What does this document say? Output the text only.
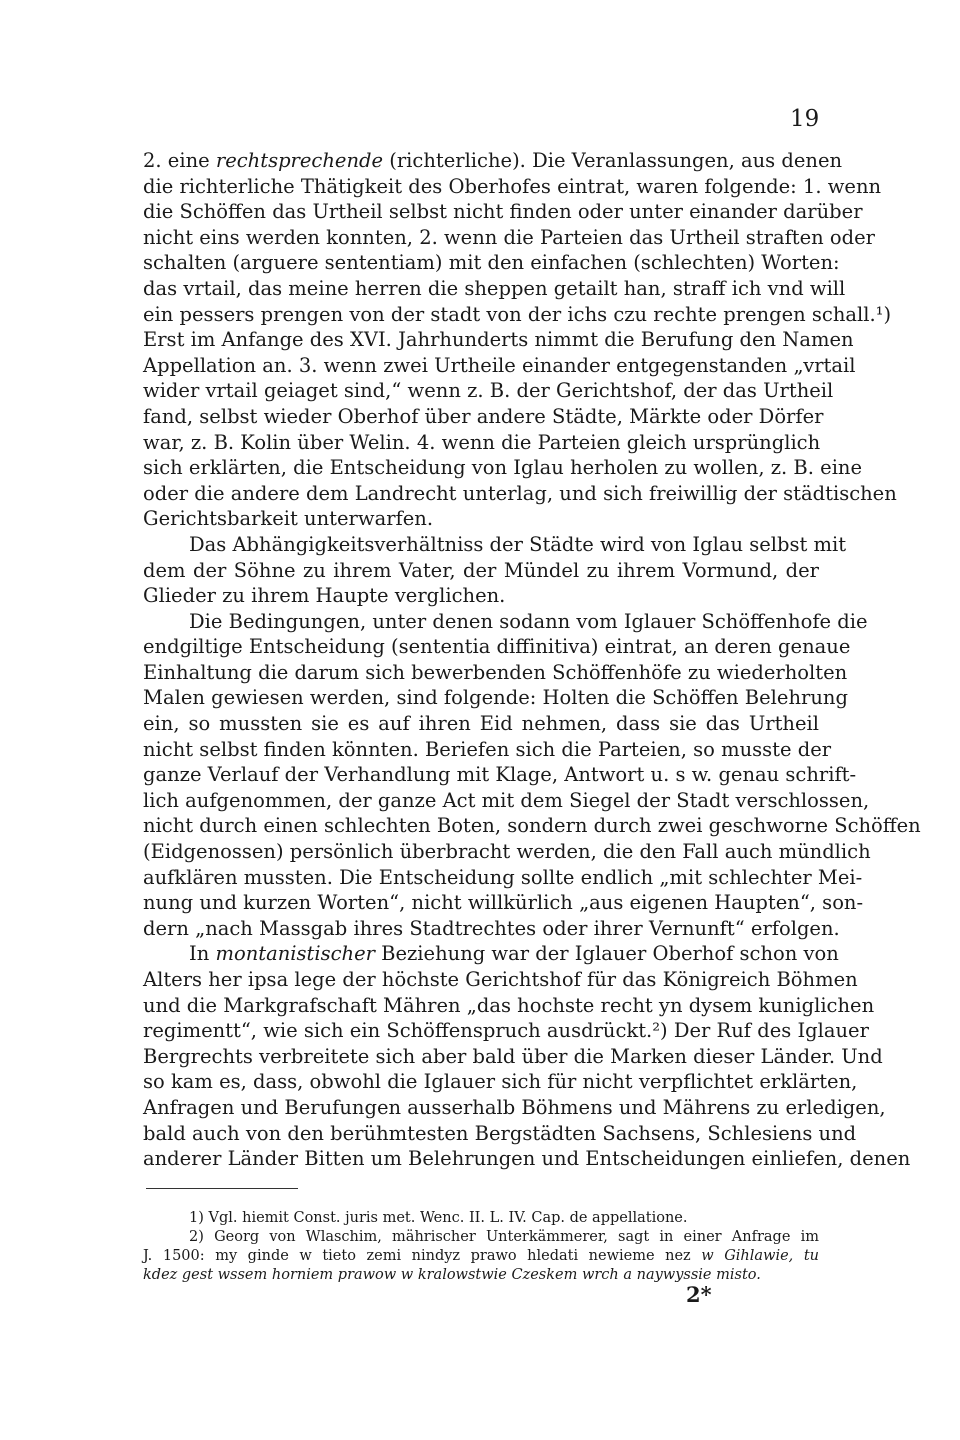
19
2. eine rechtsprechende (richterliche). Die Veranlassungen, aus denen
die richterliche Thätigkeit des Oberhofes eintrat, waren folgende: 1. wenn
die Schöffen das Urtheil selbst nicht finden oder unter einander darüber
nicht eins werden konnten, 2. wenn die Parteien das Urtheil straften oder
schalten (arguere sententiam) mit den einfachen (schlechten) Worten:
das vrtail, das meine herren die sheppen getailt han, straff ich vnd will
ein pessers prengen von der stadt von der ichs czu rechte prengen schall.¹)
Erst im Anfange des XVI. Jahrhunderts nimmt die Berufung den Namen
Appellation an. 3. wenn zwei Urtheile einander entgegenstanden „vrtail
wider vrtail geiaget sind,“ wenn z. B. der Gerichtshof, der das Urtheil
fand, selbst wieder Oberhof über andere Städte, Märkte oder Dörfer
war, z. B. Kolin über Welin. 4. wenn die Parteien gleich ursprünglich
sich erklärten, die Entscheidung von Iglau herholen zu wollen, z. B. eine
oder die andere dem Landrecht unterlag, und sich freiwillig der städtischen
Gerichtsbarkeit unterwarfen.
Das Abhängigkeitsverhältniss der Städte wird von Iglau selbst mit
dem der Söhne zu ihrem Vater, der Mündel zu ihrem Vormund, der
Glieder zu ihrem Haupte verglichen.
Die Bedingungen, unter denen sodann vom Iglauer Schöffenhofe die
endgiltige Entscheidung (sententia diffinitiva) eintrat, an deren genaue
Einhaltung die darum sich bewerbenden Schöffenhöfe zu wiederholten
Malen gewiesen werden, sind folgende: Holten die Schöffen Belehrung
ein, so mussten sie es auf ihren Eid nehmen, dass sie das Urtheil
nicht selbst finden könnten. Beriefen sich die Parteien, so musste der
ganze Verlauf der Verhandlung mit Klage, Antwort u. s w. genau schrift-
lich aufgenommen, der ganze Act mit dem Siegel der Stadt verschlossen,
nicht durch einen schlechten Boten, sondern durch zwei geschworne Schöffen
(Eidgenossen) persönlich überbracht werden, die den Fall auch mündlich
aufklären mussten. Die Entscheidung sollte endlich „mit schlechter Mei-
nung und kurzen Worten“, nicht willkürlich „aus eigenen Haupten“, son-
dern „nach Massgab ihres Stadtrechtes oder ihrer Vernunft“ erfolgen.
In montanistischer Beziehung war der Iglauer Oberhof schon von
Alters her ipsa lege der höchste Gerichtshof für das Königreich Böhmen
und die Markgrafschaft Mähren „das hochste recht yn dysem kuniglichen
regimentt“, wie sich ein Schöffenspruch ausdrückt.²) Der Ruf des Iglauer
Bergrechts verbreitete sich aber bald über die Marken dieser Länder. Und
so kam es, dass, obwohl die Iglauer sich für nicht verpflichtet erklärten,
Anfragen und Berufungen ausserhalb Böhmens und Mährens zu erledigen,
bald auch von den berühmtesten Bergstädten Sachsens, Schlesiens und
anderer Länder Bitten um Belehrungen und Entscheidungen einliefen, denen
1) Vgl. hiemit Const. juris met. Wenc. II. L. IV. Cap. de appellatione.
2) Georg von Wlaschim, mährischer Unterkämmerer, sagt in einer Anfrage im
J. 1500: my ginde w tieto zemi nindyz prawo hledati newieme nez w Gihlawie, tu
kdez gest wssem horniem prawow w kralowstwie Czeskem wrch a naywyssie misto.
2*
